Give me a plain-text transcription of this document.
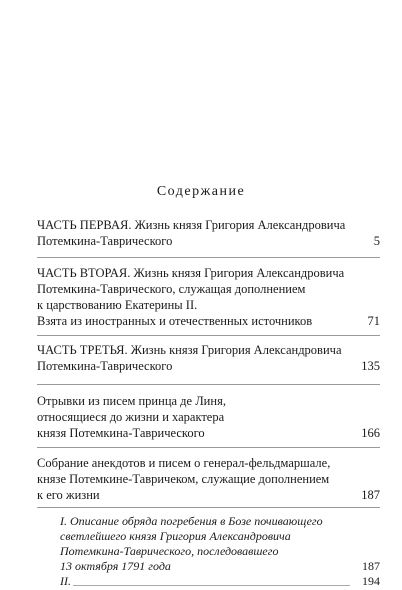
Содержание
ЧАСТЬ ПЕРВАЯ. Жизнь князя Григория Александровича
Потемкина-Таврического	5
ЧАСТЬ ВТОРАЯ. Жизнь князя Григория Александровича
Потемкина-Таврического, служащая дополнением
к царствованию Екатерины II.
Взята из иностранных и отечественных источников	71
ЧАСТЬ ТРЕТЬЯ. Жизнь князя Григория Александровича
Потемкина-Таврического	135
Отрывки из писем принца де Линя,
относящиеся до жизни и характера
князя Потемкина-Таврического	166
Собрание анекдотов и писем о генерал-фельдмаршале,
князе Потемкине-Тавричеком, служащие дополнением
к его жизни	187
I. Описание обряда погребения в Бозе почивающего
светлейшего князя Григория Александровича
Потемкина-Таврического, последовавшего
13 октября 1791 года	187
II.	194
